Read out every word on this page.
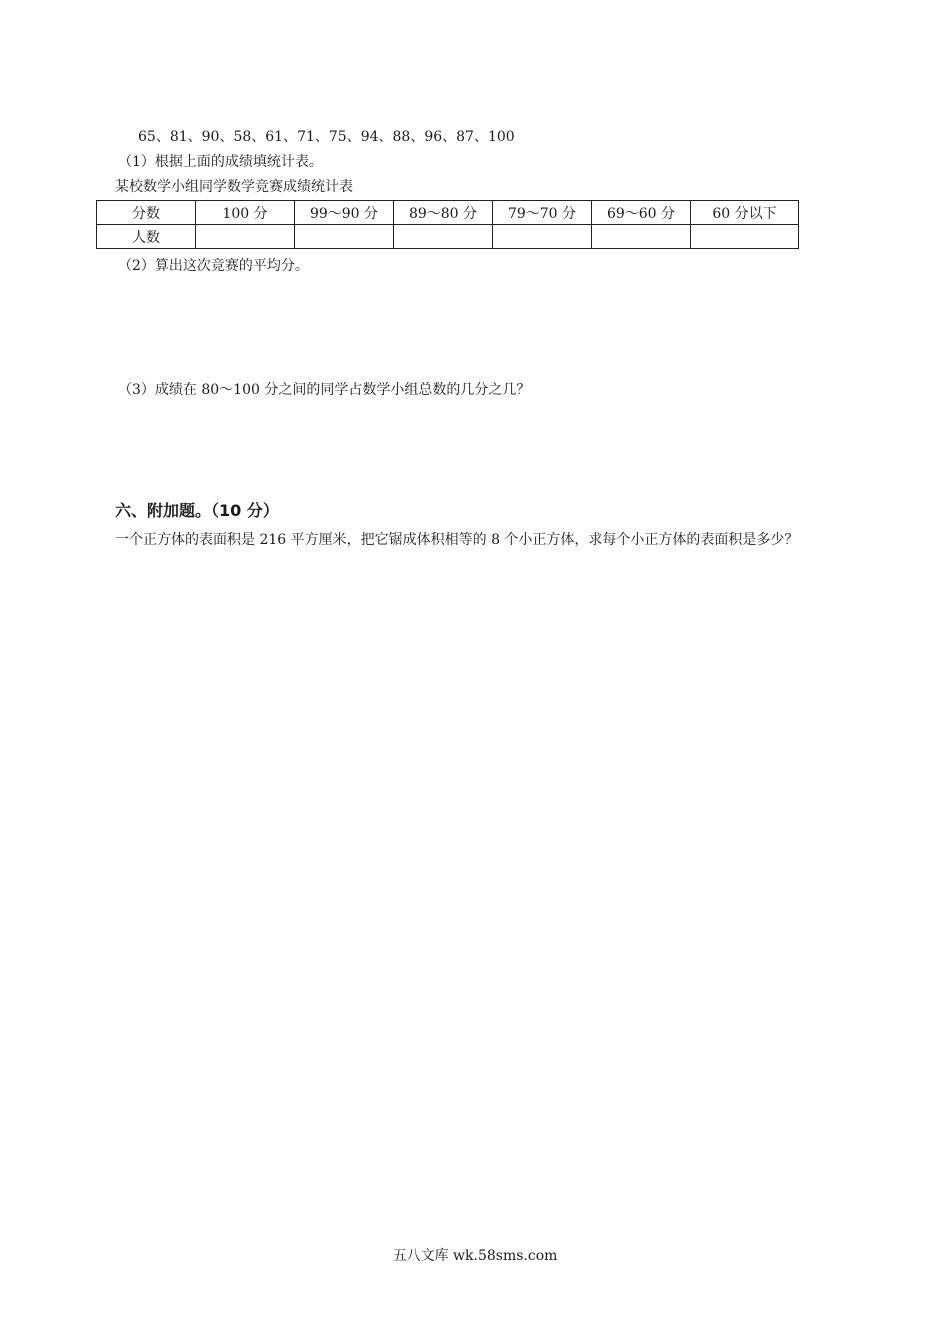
65、81、90、58、61、71、75、94、88、96、87、100
（1）根据上面的成绩填统计表。
某校数学小组同学数学竞赛成绩统计表
分数	100 分	99～90 分	89～80 分	79～70 分	69～60 分	60 分以下
人数						
（2）算出这次竞赛的平均分。
（3）成绩在 80～100 分之间的同学占数学小组总数的几分之几？
六、附加题。（10 分）
一个正方体的表面积是 216 平方厘米，把它锯成体积相等的 8 个小正方体，求每个小正方体的表面积是多少？
五八文库 wk.58sms.com
